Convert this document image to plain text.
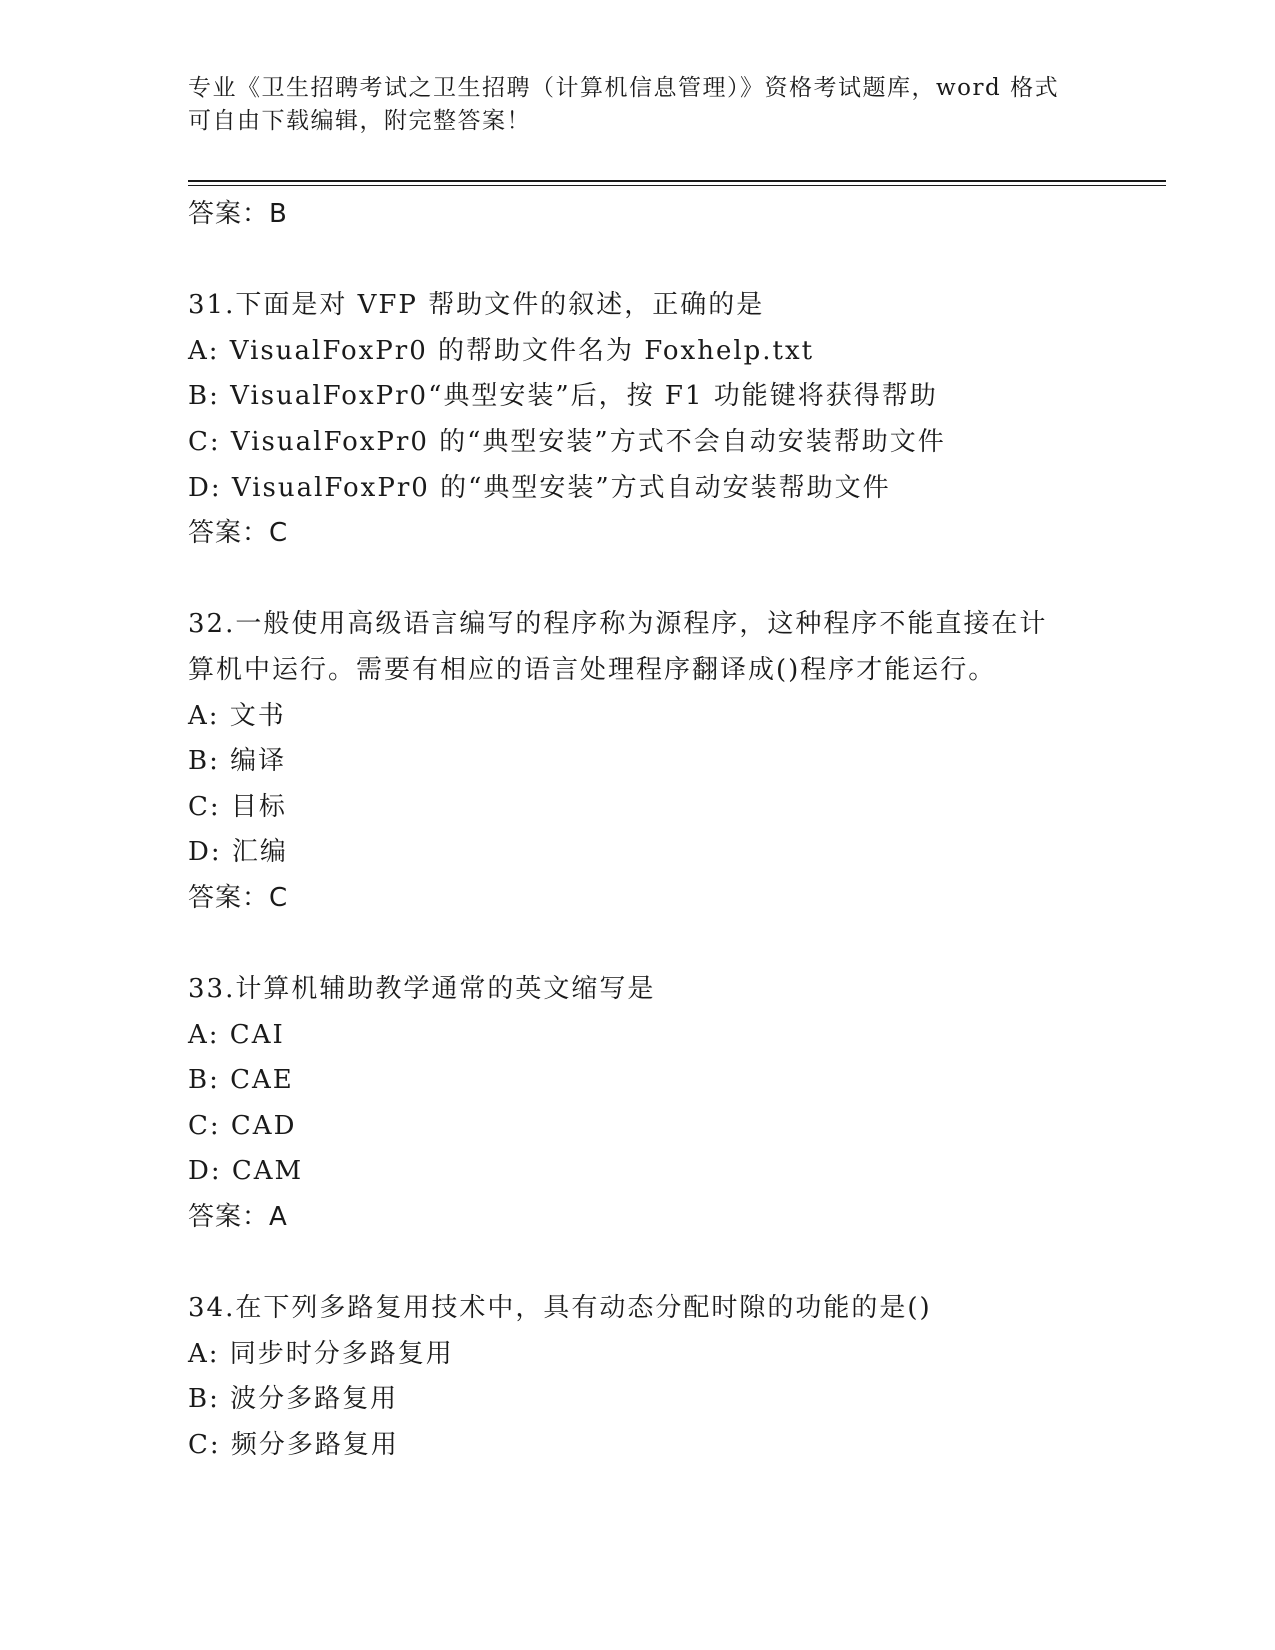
专业《卫生招聘考试之卫生招聘（计算机信息管理）》资格考试题库，word 格式
可自由下载编辑，附完整答案！
答案：B
31.下面是对 VFP 帮助文件的叙述，正确的是
A: VisualFoxPr0 的帮助文件名为 Foxhelp.txt
B: VisualFoxPr0“典型安装”后，按 F1 功能键将获得帮助
C: VisualFoxPr0 的“典型安装”方式不会自动安装帮助文件
D: VisualFoxPr0 的“典型安装”方式自动安装帮助文件
答案：C
32.一般使用高级语言编写的程序称为源程序，这种程序不能直接在计
算机中运行。需要有相应的语言处理程序翻译成()程序才能运行。
A: 文书
B: 编译
C: 目标
D: 汇编
答案：C
33.计算机辅助教学通常的英文缩写是
A: CAI
B: CAE
C: CAD
D: CAM
答案：A
34.在下列多路复用技术中，具有动态分配时隙的功能的是()
A: 同步时分多路复用
B: 波分多路复用
C: 频分多路复用
